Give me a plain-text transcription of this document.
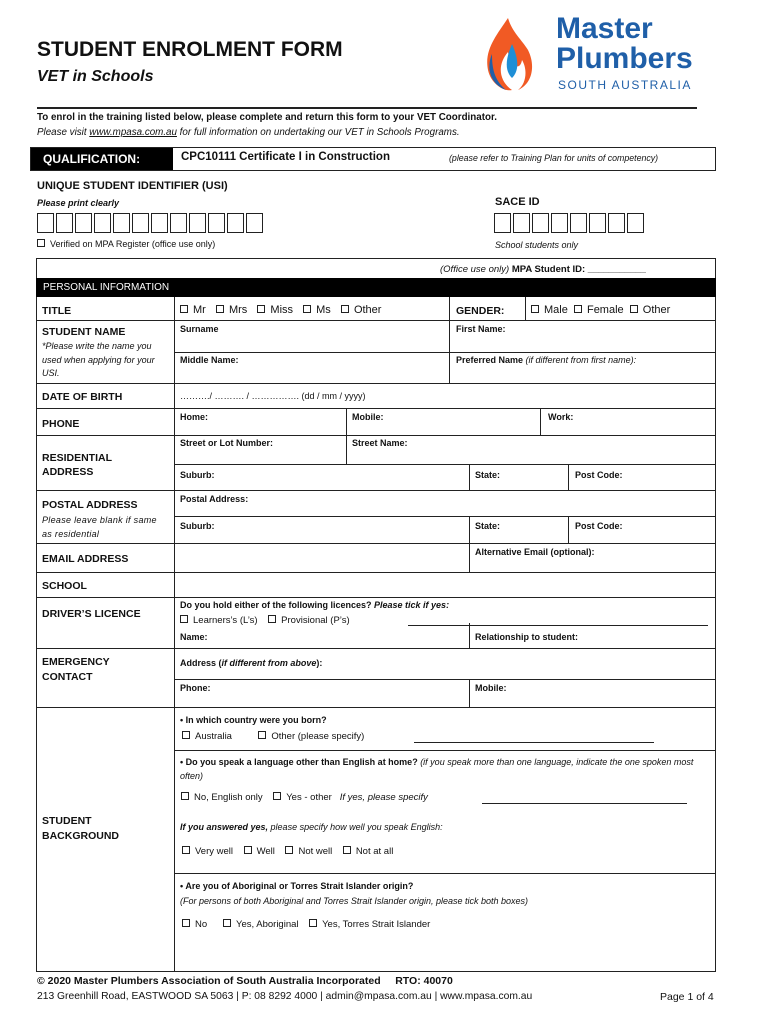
STUDENT ENROLMENT FORM
VET in Schools
Master
Plumbers
SOUTH AUSTRALIA
To enrol in the training listed below, please complete and return this form to your VET Coordinator.
Please visit www.mpasa.com.au for full information on undertaking our VET in Schools Programs.
QUALIFICATION:	CPC10111 Certificate I in Construction	(please refer to Training Plan for units of competency)
UNIQUE STUDENT IDENTIFIER (USI)
Please print clearly
Verified on MPA Register (office use only)
SACE ID
School students only
(Office use only) MPA Student ID: ___________
PERSONAL INFORMATION
TITLE	Mr Mrs Miss Ms Other	GENDER:	Male Female Other
STUDENT NAME
*Please write the name you used when applying for your USI.
Surname	First Name:
Middle Name:	Preferred Name (if different from first name):
DATE OF BIRTH	………./ ………. / ……………. (dd / mm / yyyy)
PHONE
Home:	Mobile:	Work:
RESIDENTIAL
ADDRESS
Street or Lot Number:	Street Name:
Suburb:	State:	Post Code:
POSTAL ADDRESS
Please leave blank if same as residential
Postal Address:
Suburb:	State:	Post Code:
EMAIL ADDRESS
Alternative Email (optional):
SCHOOL
DRIVER’S LICENCE
Do you hold either of the following licences? Please tick if yes:
Learners’s (L’s) Provisional (P’s)
Name:	Relationship to student:
EMERGENCY
CONTACT
Address (if different from above):
Phone:	Mobile:
STUDENT
BACKGROUND
• In which country were you born?
Australia	Other (please specify)
• Do you speak a language other than English at home? (if you speak more than one language, indicate the one spoken most often)
No, English only Yes - other If yes, please specify
If you answered yes, please specify how well you speak English:
Very well Well Not well Not at all
• Are you of Aboriginal or Torres Strait Islander origin?
(For persons of both Aboriginal and Torres Strait Islander origin, please tick both boxes)
No	Yes, Aboriginal Yes, Torres Strait Islander
© 2020 Master Plumbers Association of South Australia Incorporated RTO: 40070
213 Greenhill Road, EASTWOOD SA 5063 | P: 08 8292 4000 | admin@mpasa.com.au | www.mpasa.com.au	Page 1 of 4
